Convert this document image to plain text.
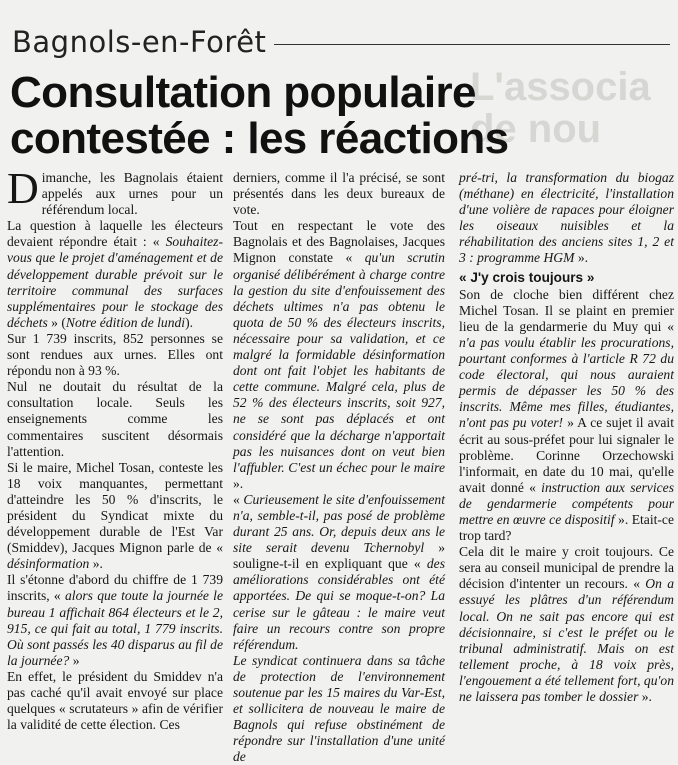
L'associa
de nou
Bagnols-en-Forêt
Consultation populaire contestée : les réactions

Dimanche, les Bagnolais étaient appelés aux urnes pour un référendum local.

La question à laquelle les électeurs devaient répondre était : « Souhaitez-vous que le projet d'aménagement et de développement durable prévoit sur le territoire communal des surfaces supplémentaires pour le stockage des déchets » (Notre édition de lundi).

Sur 1 739 inscrits, 852 personnes se sont rendues aux urnes. Elles ont répondu non à 93 %.

Nul ne doutait du résultat de la consultation locale. Seuls les enseignements comme les commentaires suscitent désormais l'attention.

Si le maire, Michel Tosan, conteste les 18 voix manquantes, permettant d'atteindre les 50 % d'inscrits, le président du Syndicat mixte du développement durable de l'Est Var (Smiddev), Jacques Mignon parle de « désinformation ».

Il s'étonne d'abord du chiffre de 1 739 inscrits, « alors que toute la journée le bureau 1 affichait 864 électeurs et le 2, 915, ce qui fait au total, 1 779 inscrits. Où sont passés les 40 disparus au fil de la journée? »

En effet, le président du Smiddev n'a pas caché qu'il avait envoyé sur place quelques « scrutateurs » afin de vérifier la validité de cette élection. Ces

derniers, comme il l'a précisé, se sont présentés dans les deux bureaux de vote.

Tout en respectant le vote des Bagnolais et des Bagnolaises, Jacques Mignon constate « qu'un scrutin organisé délibérément à charge contre la gestion du site d'enfouissement des déchets ultimes n'a pas obtenu le quota de 50 % des électeurs inscrits, nécessaire pour sa validation, et ce malgré la formidable désinformation dont ont fait l'objet les habitants de cette commune. Malgré cela, plus de 52 % des électeurs inscrits, soit 927, ne se sont pas déplacés et ont considéré que la décharge n'apportait pas les nuisances dont on veut bien l'affubler. C'est un échec pour le maire ».

« Curieusement le site d'enfouissement n'a, semble-t-il, pas posé de problème durant 25 ans. Or, depuis deux ans le site serait devenu Tchernobyl » souligne-t-il en expliquant que « des améliorations considérables ont été apportées. De qui se moque-t-on? La cerise sur le gâteau : le maire veut faire un recours contre son propre référendum.

Le syndicat continuera dans sa tâche de protection de l'environnement soutenue par les 15 maires du Var-Est, et sollicitera de nouveau le maire de Bagnols qui refuse obstinément de répondre sur l'installation d'une unité de

pré-tri, la transformation du biogaz (méthane) en électricité, l'installation d'une volière de rapaces pour éloigner les oiseaux nuisibles et la réhabilitation des anciens sites 1, 2 et 3 : programme HGM ».

« J'y crois toujours »

Son de cloche bien différent chez Michel Tosan. Il se plaint en premier lieu de la gendarmerie du Muy qui « n'a pas voulu établir les procurations, pourtant conformes à l'article R 72 du code électoral, qui nous auraient permis de dépasser les 50 % des inscrits. Même mes filles, étudiantes, n'ont pas pu voter! » A ce sujet il avait écrit au sous-préfet pour lui signaler le problème. Corinne Orzechowski l'informait, en date du 10 mai, qu'elle avait donné « instruction aux services de gendarmerie compétents pour mettre en œuvre ce dispositif ». Etait-ce trop tard?

Cela dit le maire y croit toujours. Ce sera au conseil municipal de prendre la décision d'intenter un recours. « On a essuyé les plâtres d'un référendum local. On ne sait pas encore qui est décisionnaire, si c'est le préfet ou le tribunal administratif. Mais on est tellement proche, à 18 voix près, l'engouement a été tellement fort, qu'on ne laissera pas tomber le dossier ».
